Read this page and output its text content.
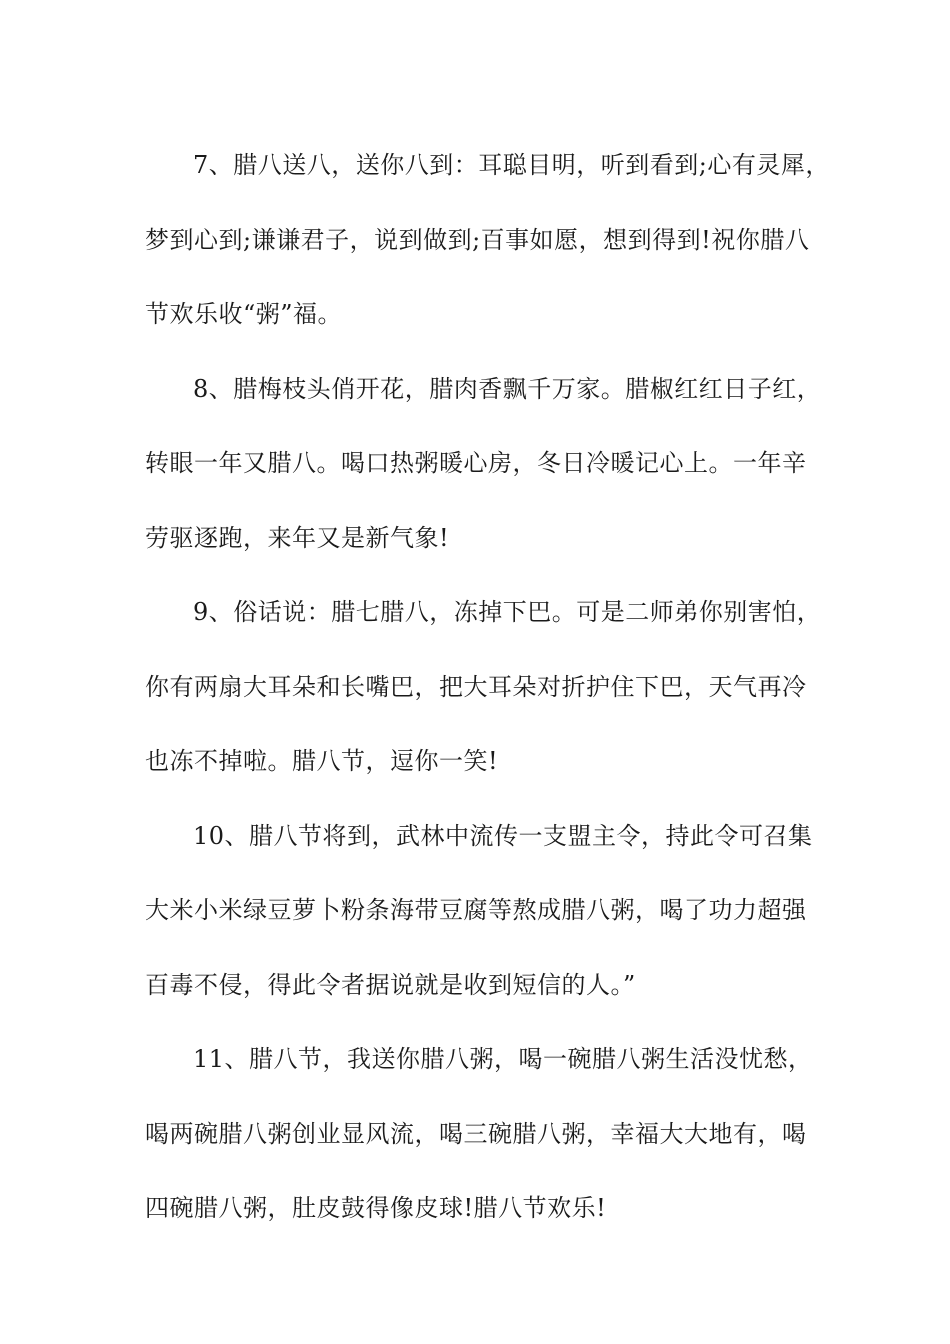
7、腊八送八，送你八到：耳聪目明，听到看到;心有灵犀，
梦到心到;谦谦君子，说到做到;百事如愿，想到得到!祝你腊八
节欢乐收“粥”福。

8、腊梅枝头俏开花，腊肉香飘千万家。腊椒红红日子红，
转眼一年又腊八。喝口热粥暖心房，冬日冷暖记心上。一年辛
劳驱逐跑，来年又是新气象!

9、俗话说：腊七腊八，冻掉下巴。可是二师弟你别害怕，
你有两扇大耳朵和长嘴巴，把大耳朵对折护住下巴，天气再冷
也冻不掉啦。腊八节，逗你一笑!

10、腊八节将到，武林中流传一支盟主令，持此令可召集
大米小米绿豆萝卜粉条海带豆腐等熬成腊八粥，喝了功力超强
百毒不侵，得此令者据说就是收到短信的人。”

11、腊八节，我送你腊八粥，喝一碗腊八粥生活没忧愁，
喝两碗腊八粥创业显风流，喝三碗腊八粥，幸福大大地有，喝
四碗腊八粥，肚皮鼓得像皮球!腊八节欢乐!
